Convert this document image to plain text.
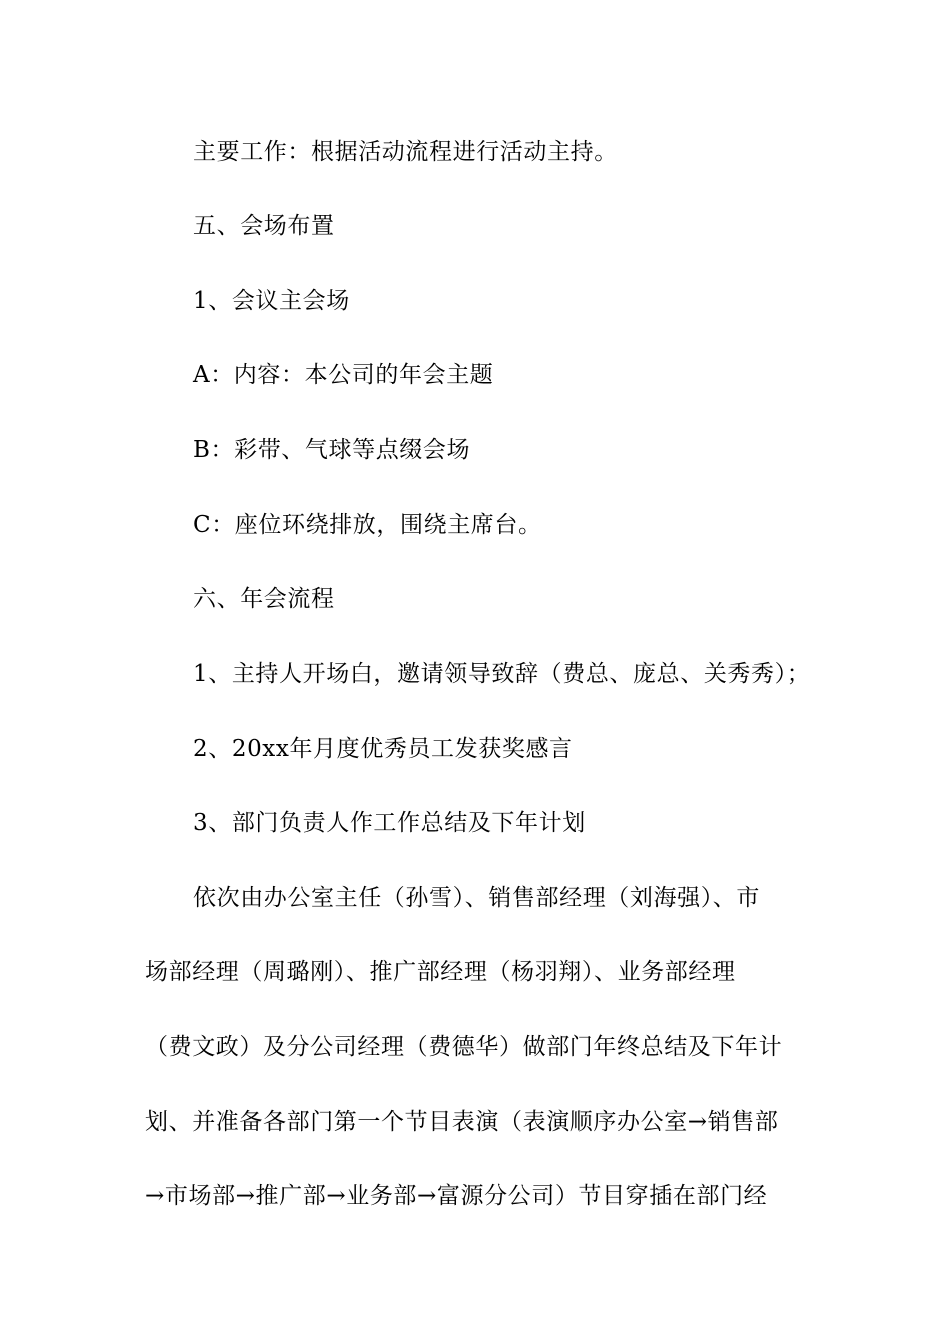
主要工作：根据活动流程进行活动主持。
五、会场布置
1、会议主会场
A：内容：本公司的年会主题
B：彩带、气球等点缀会场
C：座位环绕排放，围绕主席台。
六、年会流程
1、主持人开场白，邀请领导致辞（费总、庞总、关秀秀）；
2、20xx年月度优秀员工发获奖感言
3、部门负责人作工作总结及下年计划
依次由办公室主任（孙雪）、销售部经理（刘海强）、市
场部经理（周璐刚）、推广部经理（杨羽翔）、业务部经理
（费文政）及分公司经理（费德华）做部门年终总结及下年计
划、并准备各部门第一个节目表演（表演顺序办公室→销售部
→市场部→推广部→业务部→富源分公司）节目穿插在部门经
